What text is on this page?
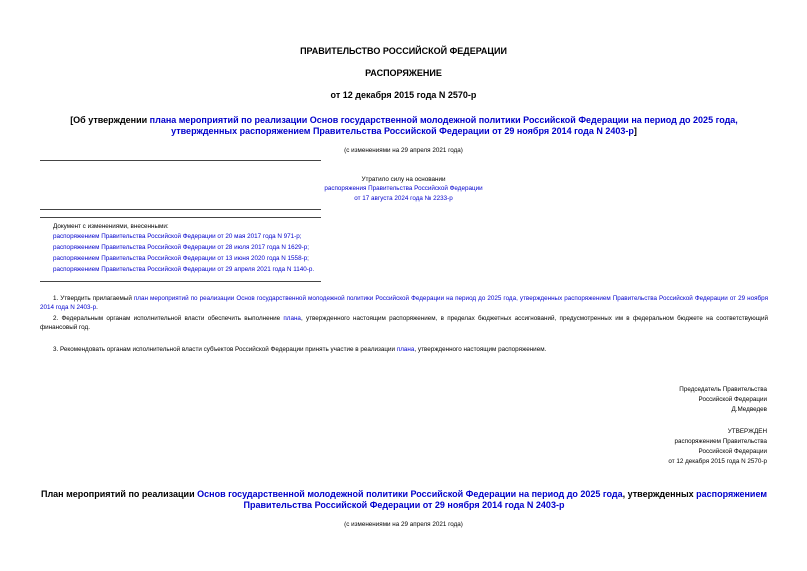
ПРАВИТЕЛЬСТВО РОССИЙСКОЙ ФЕДЕРАЦИИ
РАСПОРЯЖЕНИЕ
от 12 декабря 2015 года N 2570-р
[Об утверждении плана мероприятий по реализации Основ государственной молодежной политики Российской Федерации на период до 2025 года, утвержденных распоряжением Правительства Российской Федерации от 29 ноября 2014 года N 2403-р]
(с изменениями на 29 апреля 2021 года)
Утратило силу на основании
распоряжения Правительства Российской Федерации
от 17 августа 2024 года № 2233-р
Документ с изменениями, внесенными:
распоряжением Правительства Российской Федерации от 20 мая 2017 года N 971-р;
распоряжением Правительства Российской Федерации от 28 июля 2017 года N 1629-р;
распоряжением Правительства Российской Федерации от 13 июня 2020 года N 1558-р;
распоряжением Правительства Российской Федерации от 29 апреля 2021 года N 1140-р.
1. Утвердить прилагаемый план мероприятий по реализации Основ государственной молодежной политики Российской Федерации на период до 2025 года, утвержденных распоряжением Правительства Российской Федерации от 29 ноября 2014 года N 2403-р.
2. Федеральным органам исполнительной власти обеспечить выполнение плана, утвержденного настоящим распоряжением, в пределах бюджетных ассигнований, предусмотренных им в федеральном бюджете на соответствующий финансовый год.
3. Рекомендовать органам исполнительной власти субъектов Российской Федерации принять участие в реализации плана, утвержденного настоящим распоряжением.
Председатель Правительства
Российской Федерации
Д.Медведев
УТВЕРЖДЕН
распоряжением Правительства
Российской Федерации
от 12 декабря 2015 года N 2570-р
План мероприятий по реализации Основ государственной молодежной политики Российской Федерации на период до 2025 года, утвержденных распоряжением Правительства Российской Федерации от 29 ноября 2014 года N 2403-р
(с изменениями на 29 апреля 2021 года)
